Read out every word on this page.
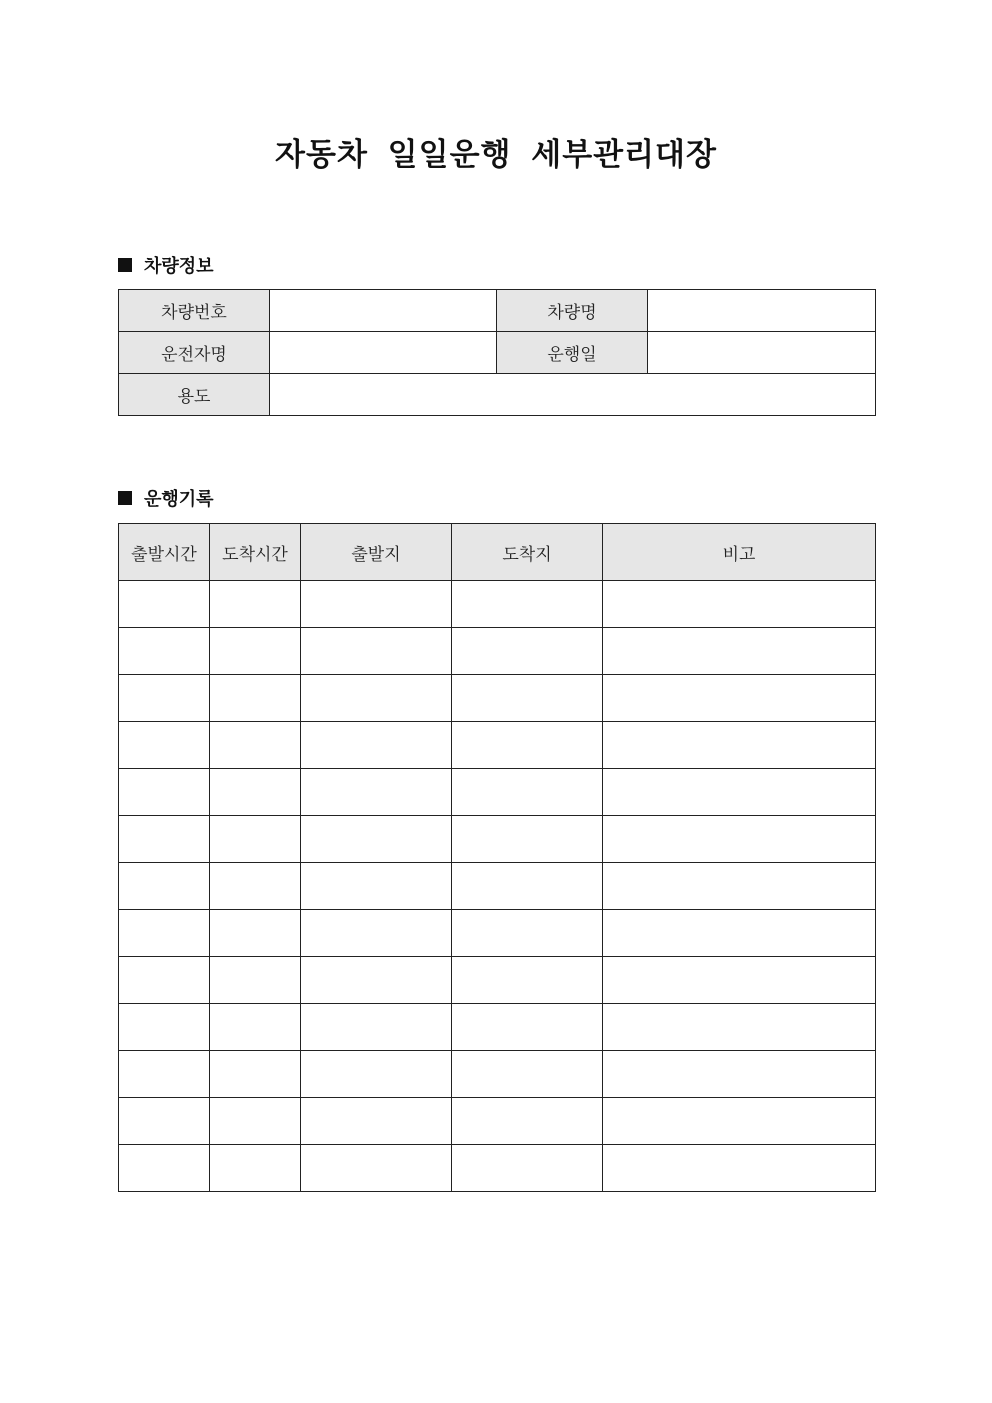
자동차 일일운행 세부관리대장
차량정보
차량번호		차량명	
운전자명		운행일	
용도			
운행기록
출발시간	도착시간	출발지	도착지	비고
